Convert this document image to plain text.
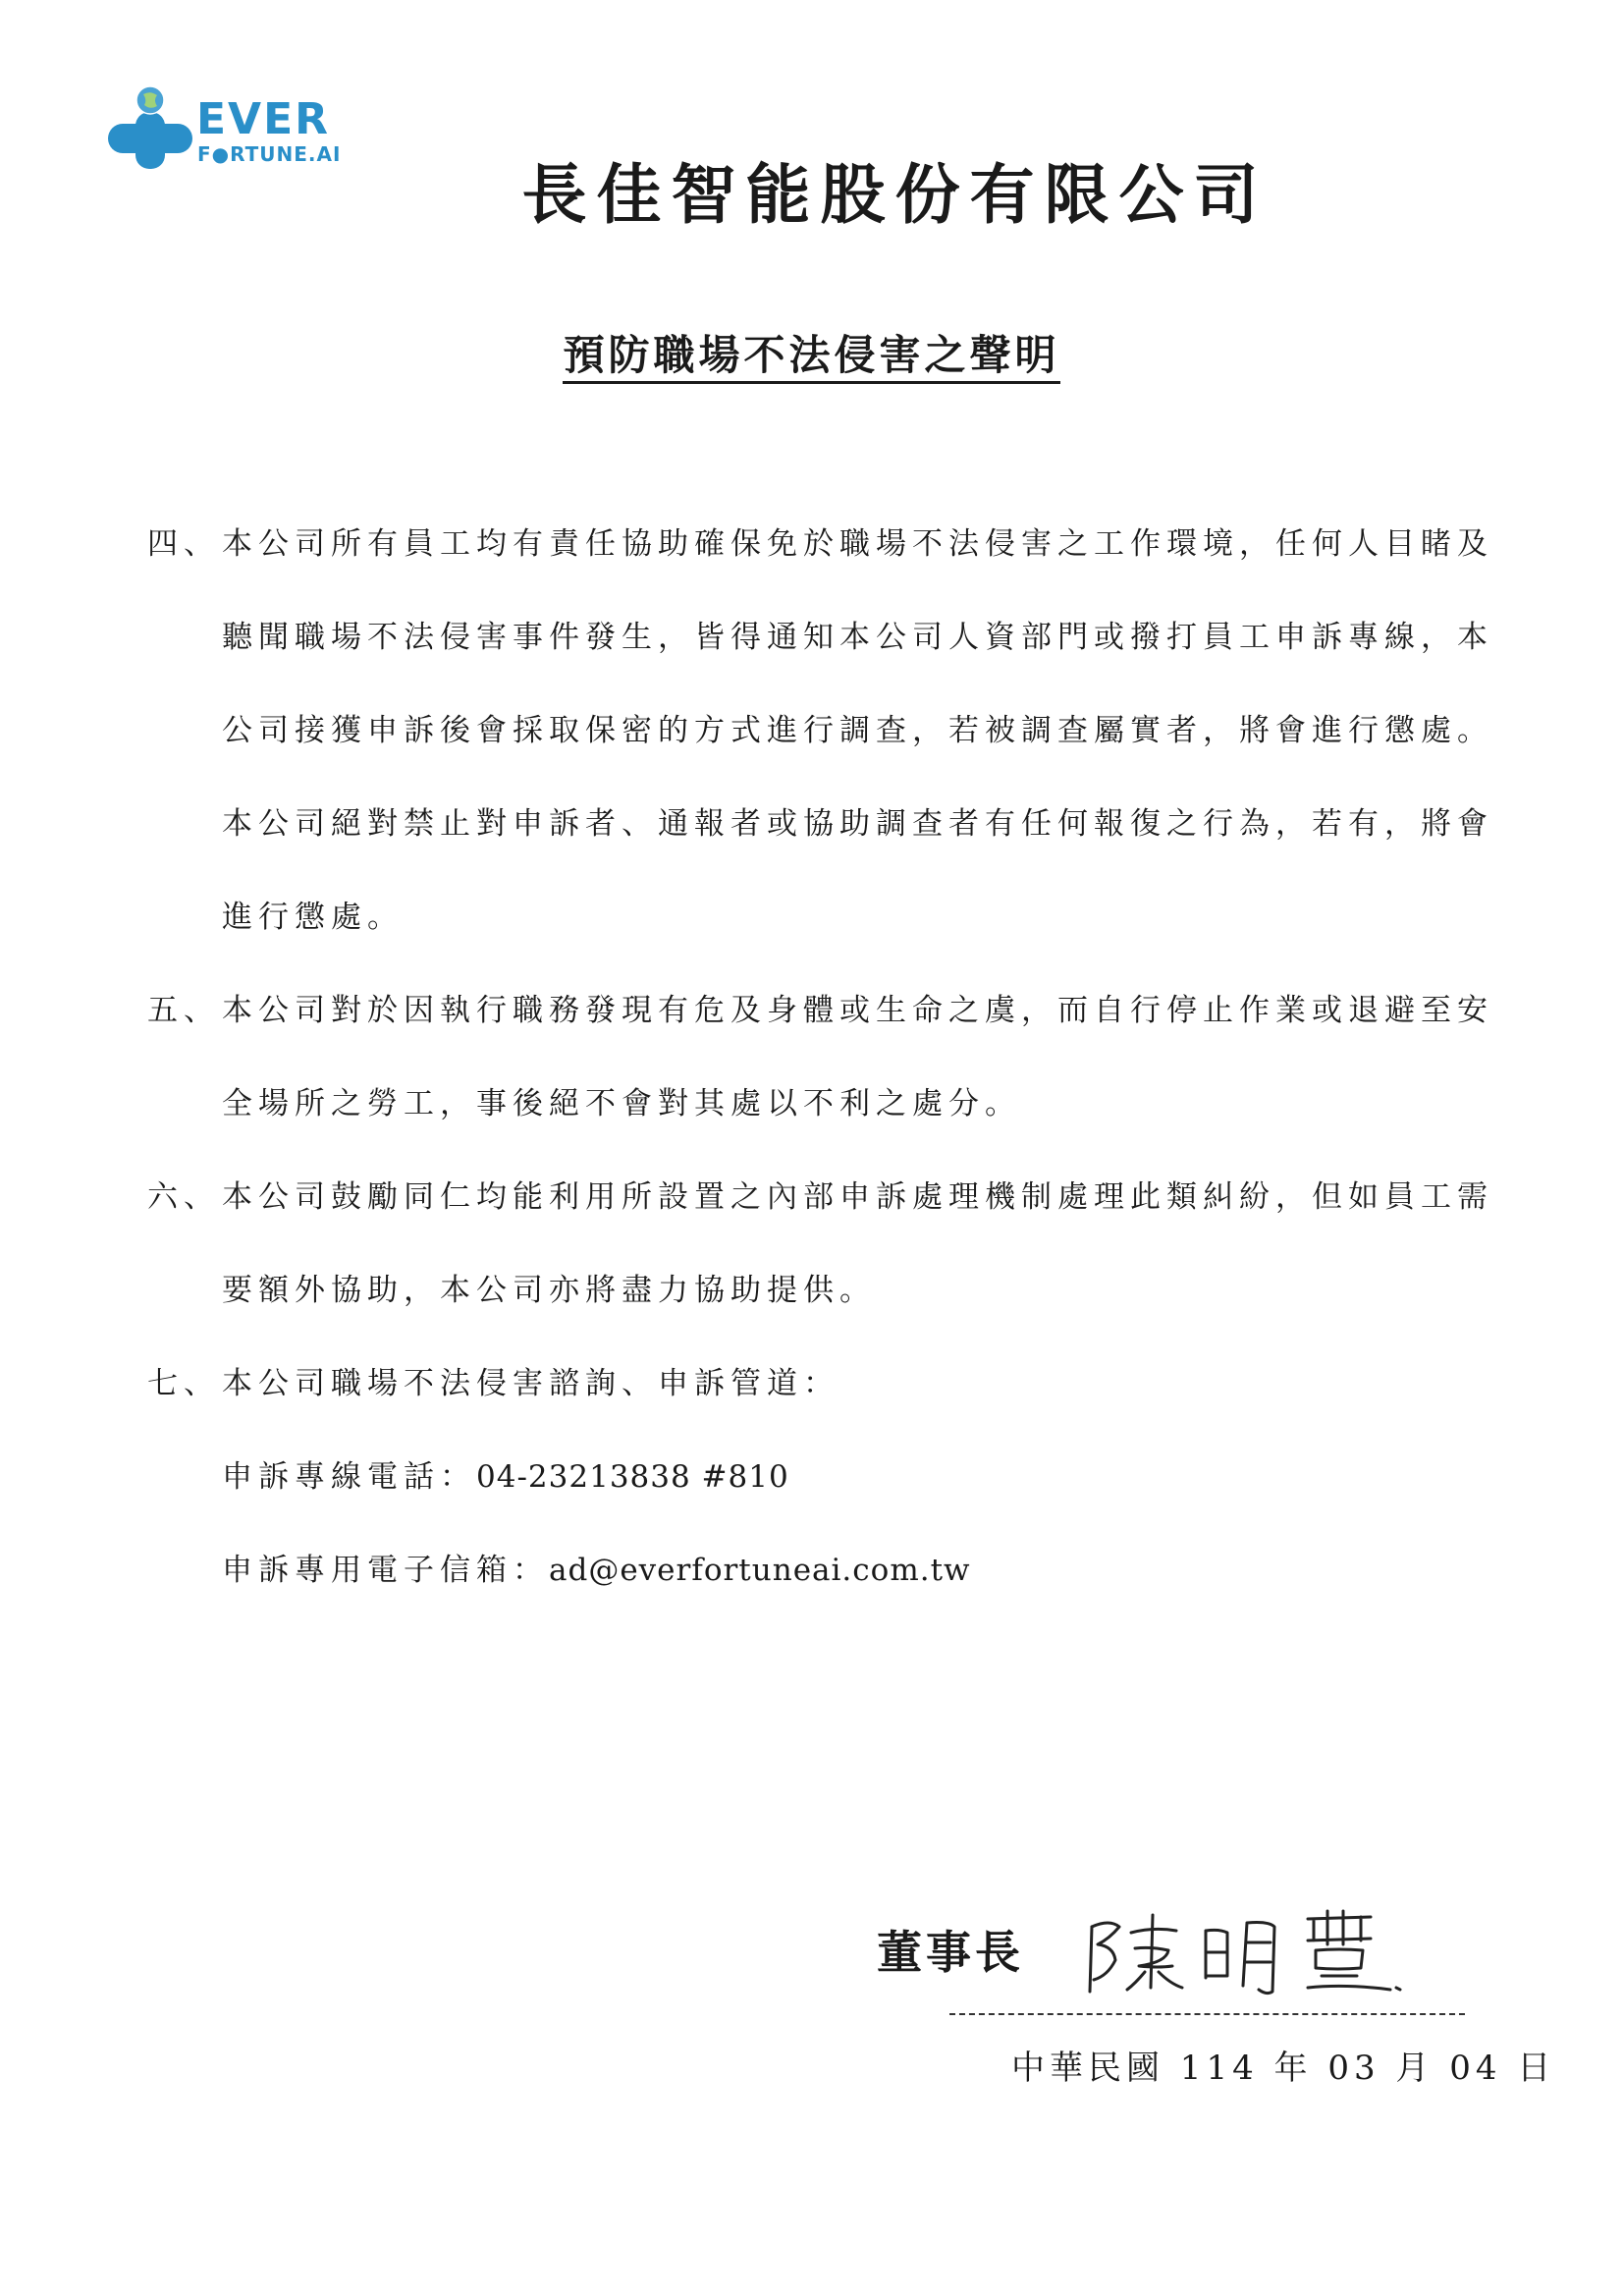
EVER
F●RTUNE.AI
長佳智能股份有限公司
預防職場不法侵害之聲明
四、 本公司所有員工均有責任協助確保免於職場不法侵害之工作環境，任何人目睹及
聽聞職場不法侵害事件發生，皆得通知本公司人資部門或撥打員工申訴專線，本
公司接獲申訴後會採取保密的方式進行調查，若被調查屬實者，將會進行懲處。
本公司絕對禁止對申訴者、通報者或協助調查者有任何報復之行為，若有，將會
進行懲處。
五、 本公司對於因執行職務發現有危及身體或生命之虞，而自行停止作業或退避至安
全場所之勞工，事後絕不會對其處以不利之處分。
六、 本公司鼓勵同仁均能利用所設置之內部申訴處理機制處理此類糾紛，但如員工需
要額外協助，本公司亦將盡力協助提供。
七、 本公司職場不法侵害諮詢、申訴管道：
申訴專線電話：04-23213838 #810
申訴專用電子信箱：ad@everfortuneai.com.tw
董事長
中華民國 114 年 03 月 04 日
